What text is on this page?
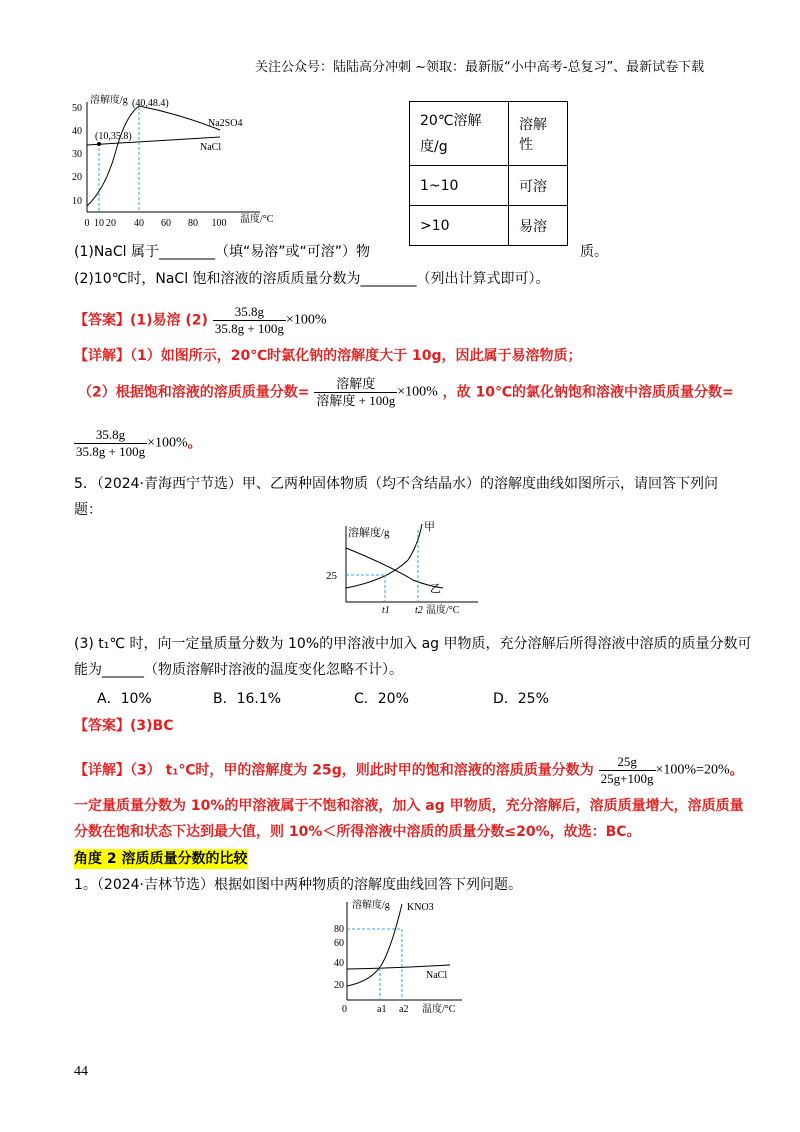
关注公众号：陆陆高分冲刺 ~领取：最新版“小中高考-总复习”、最新试卷下载
10
20
30
40
50
0 10 20 40 60 80 100
溶解度/g
温度/°C
(40,48.4)
(10,35.8)
Na2SO4
NaCl
20℃溶解
度/g	溶解性
1~10	可溶
>10	易溶
(1)NaCl 属于________（填“易溶”或“可溶”）物	质。
(2)10℃时，NaCl 饱和溶液的溶质质量分数为________（列出计算式即可）。
【答案】(1)易溶 $(2) \frac{35.8g}{35.8g + 100g} \times 100\%$
【详解】（1）如图所示，20℃时氯化钠的溶解度大于 10g，因此属于易溶物质；
（2）根据饱和溶液的溶质质量分数= $\frac{\text{溶解度}}{\text{溶解度 + 100g}} \times 100\%$ ，故 10℃的氯化钠饱和溶液中溶质质量分数=
$\frac{35.8g}{35.8g + 100g} \times 100\%$。
5．（2024·青海西宁节选）甲、乙两种固体物质（均不含结晶水）的溶解度曲线如图所示，请回答下列问
题：
溶解度/g
25
甲
乙
t1	t2 温度/°C
(3) t₁℃ 时，向一定量质量分数为 10%的甲溶液中加入 ag 甲物质，充分溶解后所得溶液中溶质的质量分数可
能为______（物质溶解时溶液的温度变化忽略不计）。
A．10%	B．16.1%	C．20%	D．25%
【答案】(3)BC
【详解】（3） t₁℃时，甲的溶解度为 25g，则此时甲的饱和溶液的溶质质量分数为 $\frac{25g}{25g+100g} \times 100\%=20\%$。
一定量质量分数为 10%的甲溶液属于不饱和溶液，加入 ag 甲物质，充分溶解后，溶质质量增大，溶质质量
分数在饱和状态下达到最大值，则 10%＜所得溶液中溶质的质量分数≤20%，故选：BC。
角度 2 溶质质量分数的比较
1。（2024·吉林节选）根据如图中两种物质的溶解度曲线回答下列问题。
20
40
60
80
溶解度/g KNO3
NaCl
0	a1 a2 温度/°C
44
